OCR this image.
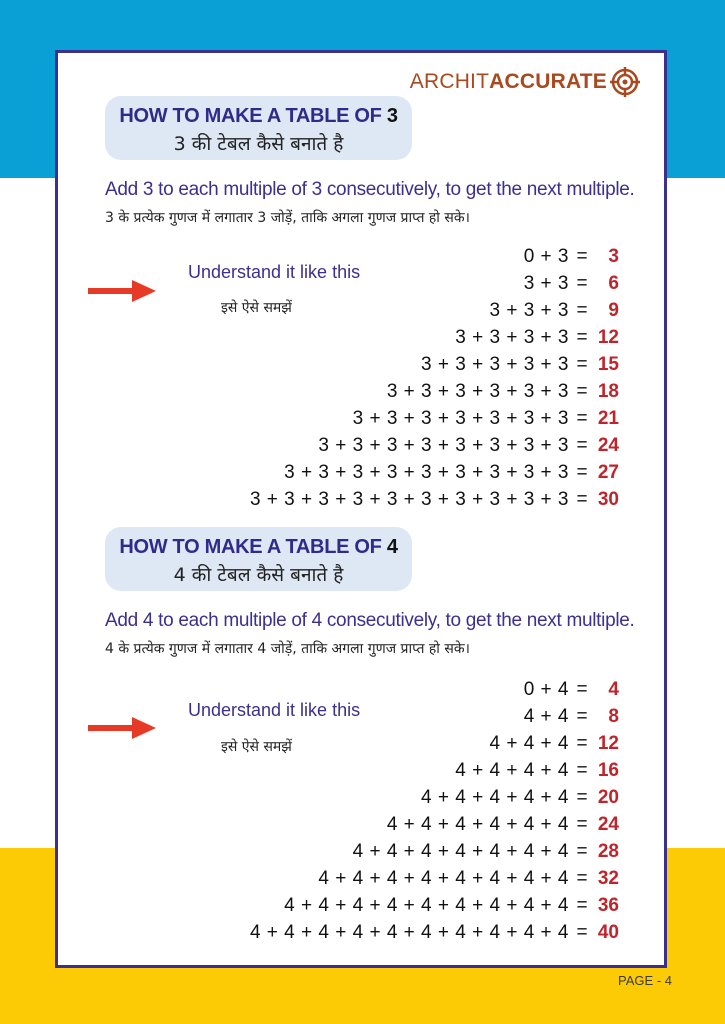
ARCHIT ACCURATE
HOW TO MAKE A TABLE OF 3
3 की टेबल कैसे बनाते है
Add 3 to each multiple of 3 consecutively, to get the next multiple.
3 के प्रत्येक गुणज में लगातार 3 जोड़ें, ताकि अगला गुणज प्राप्त हो सके।
Understand it like this
इसे ऐसे समझें
0 + 3 =	3
3 + 3 =	6
3 + 3 + 3 =	9
3 + 3 + 3 + 3 = 12
3 + 3 + 3 + 3 + 3 = 15
3 + 3 + 3 + 3 + 3 + 3 = 18
3 + 3 + 3 + 3 + 3 + 3 + 3 = 21
3 + 3 + 3 + 3 + 3 + 3 + 3 + 3 = 24
3 + 3 + 3 + 3 + 3 + 3 + 3 + 3 + 3 = 27
3 + 3 + 3 + 3 + 3 + 3 + 3 + 3 + 3 + 3 = 30
HOW TO MAKE A TABLE OF 4
4 की टेबल कैसे बनाते है
Add 4 to each multiple of 4 consecutively, to get the next multiple.
4 के प्रत्येक गुणज में लगातार 4 जोड़ें, ताकि अगला गुणज प्राप्त हो सके।
Understand it like this
इसे ऐसे समझें
0 + 4 =	4
4 + 4 =	8
4 + 4 + 4 = 12
4 + 4 + 4 + 4 = 16
4 + 4 + 4 + 4 + 4 = 20
4 + 4 + 4 + 4 + 4 + 4 = 24
4 + 4 + 4 + 4 + 4 + 4 + 4 = 28
4 + 4 + 4 + 4 + 4 + 4 + 4 + 4 = 32
4 + 4 + 4 + 4 + 4 + 4 + 4 + 4 + 4 = 36
4 + 4 + 4 + 4 + 4 + 4 + 4 + 4 + 4 + 4 = 40
PAGE - 4
